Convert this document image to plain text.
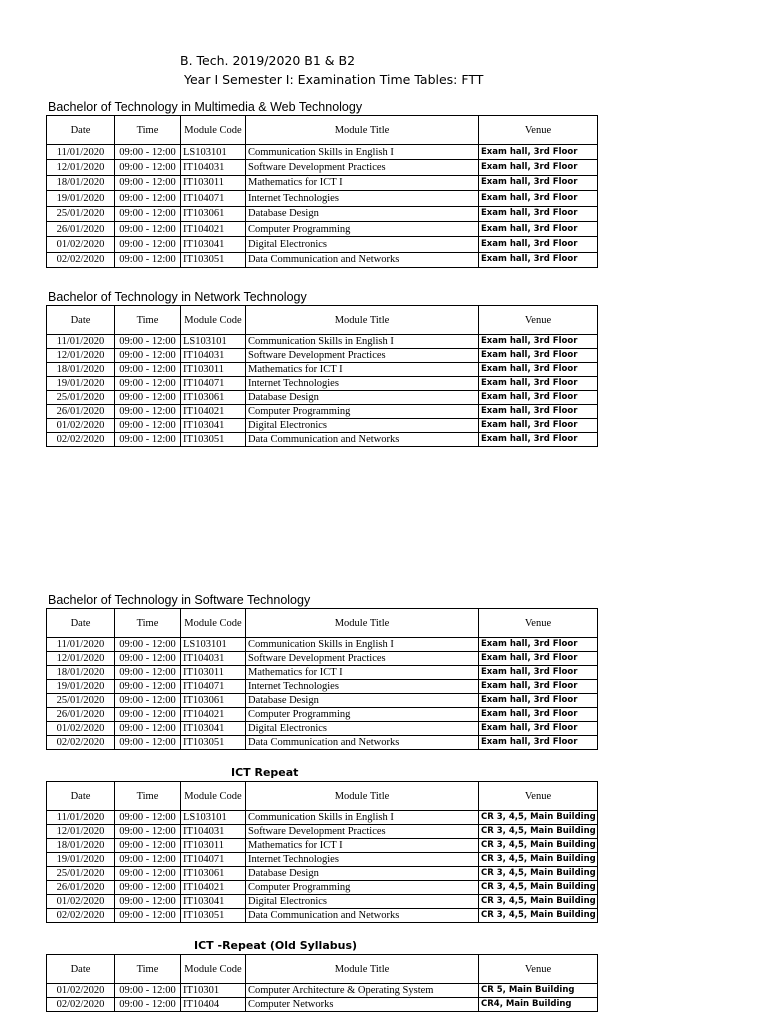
B. Tech. 2019/2020 B1 & B2
Year I Semester I: Examination Time Tables: FTT
Bachelor of Technology in Multimedia & Web Technology
Date	Time	Module Code	Module Title	Venue
11/01/2020	09:00 - 12:00	LS103101	Communication Skills in English I	Exam hall, 3rd Floor
12/01/2020	09:00 - 12:00	IT104031	Software Development Practices	Exam hall, 3rd Floor
18/01/2020	09:00 - 12:00	IT103011	Mathematics for ICT I	Exam hall, 3rd Floor
19/01/2020	09:00 - 12:00	IT104071	Internet Technologies	Exam hall, 3rd Floor
25/01/2020	09:00 - 12:00	IT103061	Database Design	Exam hall, 3rd Floor
26/01/2020	09:00 - 12:00	IT104021	Computer Programming	Exam hall, 3rd Floor
01/02/2020	09:00 - 12:00	IT103041	Digital Electronics	Exam hall, 3rd Floor
02/02/2020	09:00 - 12:00	IT103051	Data Communication and Networks	Exam hall, 3rd Floor
Bachelor of Technology in Network Technology
Date	Time	Module Code	Module Title	Venue
11/01/2020	09:00 - 12:00	LS103101	Communication Skills in English I	Exam hall, 3rd Floor
12/01/2020	09:00 - 12:00	IT104031	Software Development Practices	Exam hall, 3rd Floor
18/01/2020	09:00 - 12:00	IT103011	Mathematics for ICT I	Exam hall, 3rd Floor
19/01/2020	09:00 - 12:00	IT104071	Internet Technologies	Exam hall, 3rd Floor
25/01/2020	09:00 - 12:00	IT103061	Database Design	Exam hall, 3rd Floor
26/01/2020	09:00 - 12:00	IT104021	Computer Programming	Exam hall, 3rd Floor
01/02/2020	09:00 - 12:00	IT103041	Digital Electronics	Exam hall, 3rd Floor
02/02/2020	09:00 - 12:00	IT103051	Data Communication and Networks	Exam hall, 3rd Floor
Bachelor of Technology in Software Technology
Date	Time	Module Code	Module Title	Venue
11/01/2020	09:00 - 12:00	LS103101	Communication Skills in English I	Exam hall, 3rd Floor
12/01/2020	09:00 - 12:00	IT104031	Software Development Practices	Exam hall, 3rd Floor
18/01/2020	09:00 - 12:00	IT103011	Mathematics for ICT I	Exam hall, 3rd Floor
19/01/2020	09:00 - 12:00	IT104071	Internet Technologies	Exam hall, 3rd Floor
25/01/2020	09:00 - 12:00	IT103061	Database Design	Exam hall, 3rd Floor
26/01/2020	09:00 - 12:00	IT104021	Computer Programming	Exam hall, 3rd Floor
01/02/2020	09:00 - 12:00	IT103041	Digital Electronics	Exam hall, 3rd Floor
02/02/2020	09:00 - 12:00	IT103051	Data Communication and Networks	Exam hall, 3rd Floor
ICT Repeat
Date	Time	Module Code	Module Title	Venue
11/01/2020	09:00 - 12:00	LS103101	Communication Skills in English I	CR 3, 4,5, Main Building
12/01/2020	09:00 - 12:00	IT104031	Software Development Practices	CR 3, 4,5, Main Building
18/01/2020	09:00 - 12:00	IT103011	Mathematics for ICT I	CR 3, 4,5, Main Building
19/01/2020	09:00 - 12:00	IT104071	Internet Technologies	CR 3, 4,5, Main Building
25/01/2020	09:00 - 12:00	IT103061	Database Design	CR 3, 4,5, Main Building
26/01/2020	09:00 - 12:00	IT104021	Computer Programming	CR 3, 4,5, Main Building
01/02/2020	09:00 - 12:00	IT103041	Digital Electronics	CR 3, 4,5, Main Building
02/02/2020	09:00 - 12:00	IT103051	Data Communication and Networks	CR 3, 4,5, Main Building
ICT -Repeat (Old Syllabus)
Date	Time	Module Code	Module Title	Venue
01/02/2020	09:00 - 12:00	IT10301	Computer Architecture & Operating System	CR 5, Main Building
02/02/2020	09:00 - 12:00	IT10404	Computer Networks	CR4, Main Building
